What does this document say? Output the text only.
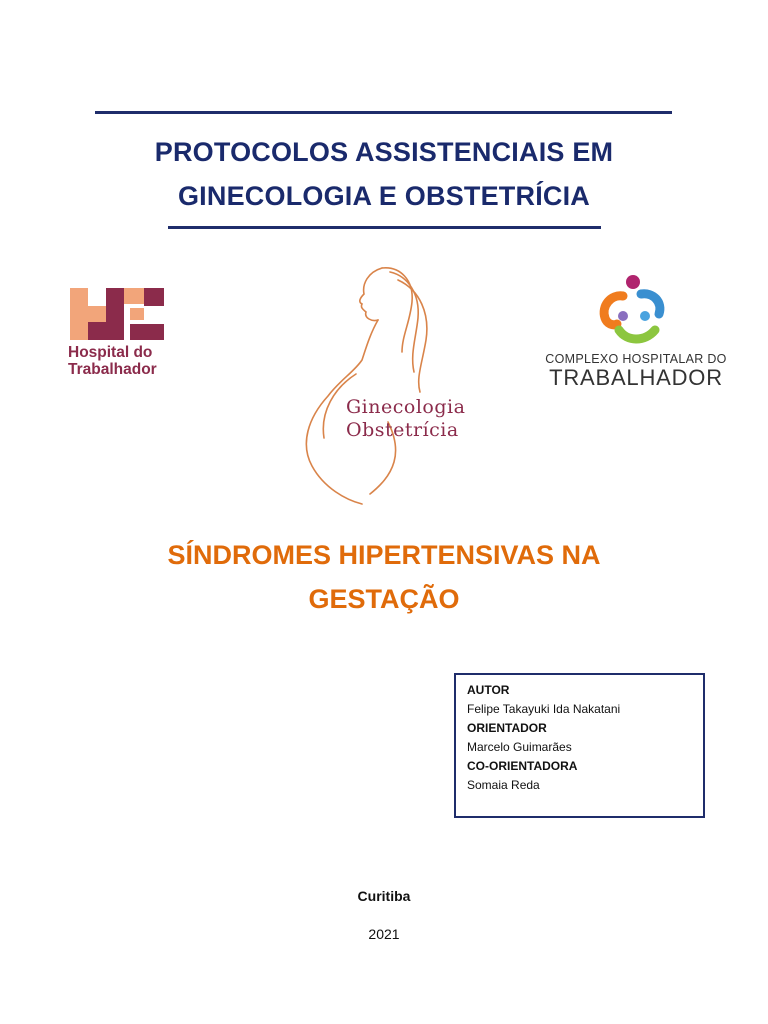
PROTOCOLOS ASSISTENCIAIS EM
GINECOLOGIA E OBSTETRÍCIA
Hospital do
Trabalhador
Ginecologia
Obstetrícia
COMPLEXO HOSPITALAR DO
TRABALHADOR
SÍNDROMES HIPERTENSIVAS NA
GESTAÇÃO
AUTOR
Felipe Takayuki Ida Nakatani
ORIENTADOR
Marcelo Guimarães
CO-ORIENTADORA
Somaia Reda
Curitiba
2021
